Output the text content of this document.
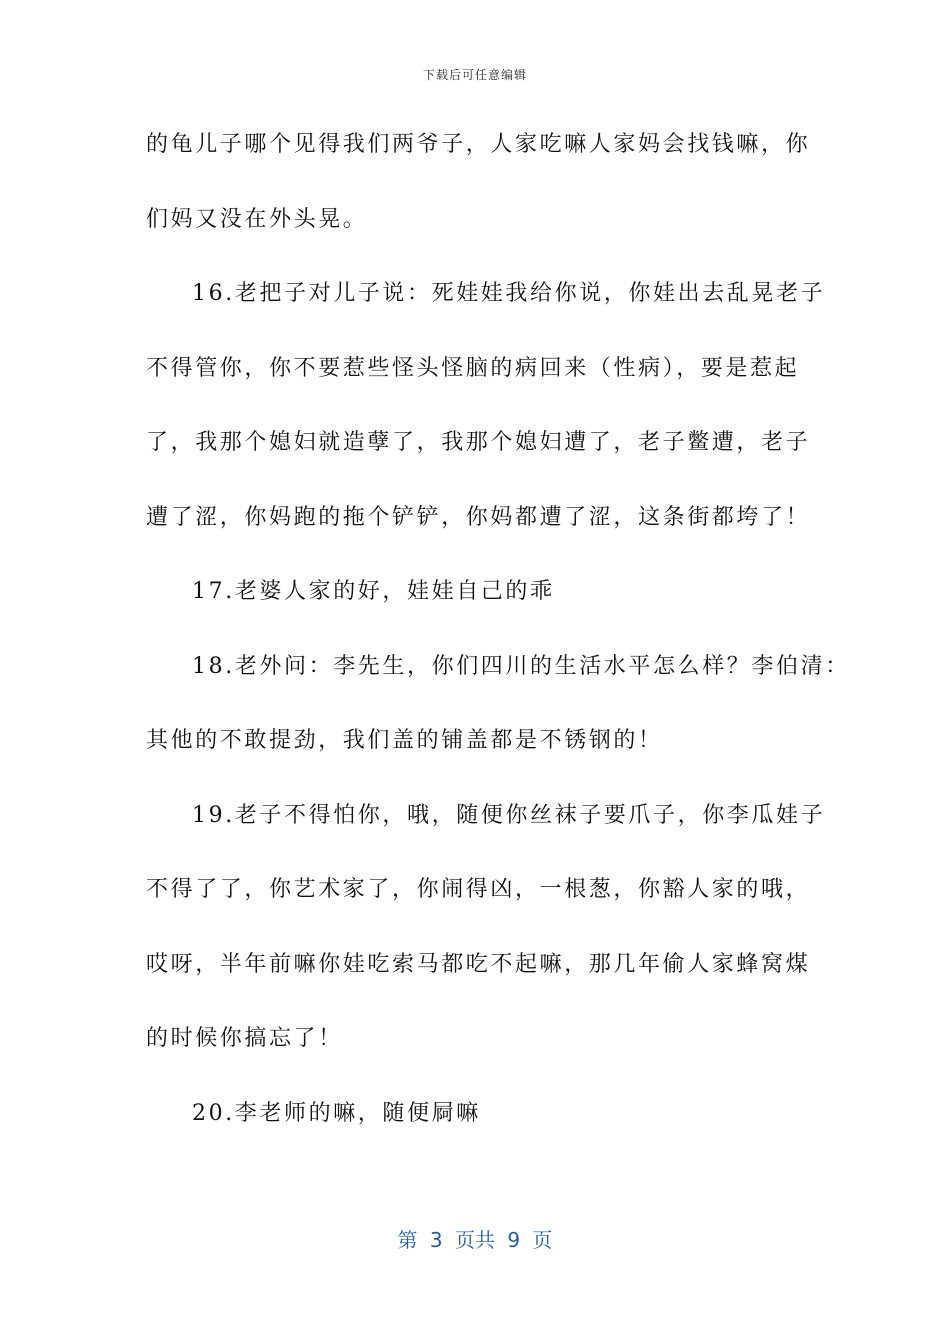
下载后可任意编辑
的龟儿子哪个见得我们两爷子，人家吃嘛人家妈会找钱嘛，你
们妈又没在外头晃。
16.老把子对儿子说：死娃娃我给你说，你娃出去乱晃老子
不得管你，你不要惹些怪头怪脑的病回来（性病），要是惹起
了，我那个媳妇就造孽了，我那个媳妇遭了，老子鳖遭，老子
遭了涩，你妈跑的拖个铲铲，你妈都遭了涩，这条街都垮了！
17.老婆人家的好，娃娃自己的乖
18.老外问：李先生，你们四川的生活水平怎么样？李伯清：
其他的不敢提劲，我们盖的铺盖都是不锈钢的！
19.老子不得怕你，哦，随便你丝袜子要爪子，你李瓜娃子
不得了了，你艺术家了，你闹得凶，一根葱，你豁人家的哦，
哎呀，半年前嘛你娃吃索马都吃不起嘛，那几年偷人家蜂窝煤
的时候你搞忘了！
20.李老师的嘛，随便屙嘛
第 3 页共 9 页
